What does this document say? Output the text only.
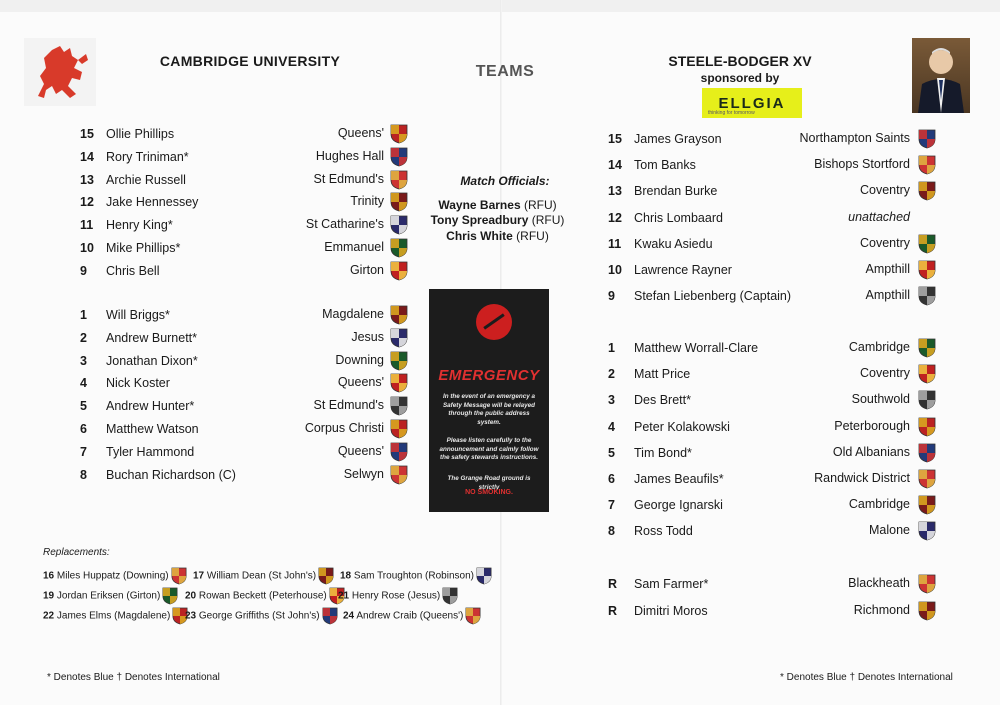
CAMBRIDGE UNIVERSITY
TEAMS
STEELE-BODGER XV
sponsored by
ELLGIA
thinking for tomorrow
15 Ollie Phillips	Queens'
14 Rory Triniman*	Hughes Hall
13 Archie Russell	St Edmund's
12 Jake Hennessey	Trinity
11	Henry King*	St Catharine's
10 Mike Phillips*	Emmanuel
9	Chris Bell	Girton
1	Will Briggs*	Magdalene
2	Andrew Burnett*	Jesus
3	Jonathan Dixon*	Downing
4	Nick Koster	Queens'
5	Andrew Hunter*	St Edmund's
6	Matthew Watson	Corpus Christi
7	Tyler Hammond	Queens'
8	Buchan Richardson (C)	Selwyn
Match Officials:
Wayne Barnes (RFU)
Tony Spreadbury (RFU)
Chris White (RFU)
EMERGENCY
In the event of an emergency a Safety Message will be relayed through the public address system.
Please listen carefully to the announcement and calmly follow the safety stewards instructions.
The Grange Road ground is strictly
NO SMOKING.
Replacements:
16 Miles Huppatz (Downing)	17 William Dean (St John's)	18 Sam Troughton (Robinson)
19 Jordan Eriksen (Girton)	20 Rowan Beckett (Peterhouse)	21 Henry Rose (Jesus)
22 James Elms (Magdalene)	23 George Griffiths (St John's)	24 Andrew Craib (Queens')
15 James Grayson	Northampton Saints
14 Tom Banks	Bishops Stortford
13 Brendan Burke	Coventry
12 Chris Lombaard	unattached
11	Kwaku Asiedu	Coventry
10 Lawrence Rayner	Ampthill
9	Stefan Liebenberg (Captain)	Ampthill
1	Matthew Worrall-Clare	Cambridge
2	Matt Price	Coventry
3	Des Brett*	Southwold
4	Peter Kolakowski	Peterborough
5	Tim Bond*	Old Albanians
6	James Beaufils*	Randwick District
7	George Ignarski	Cambridge
8	Ross Todd	Malone
R	Sam Farmer*	Blackheath
R	Dimitri Moros	Richmond
* Denotes Blue † Denotes International	* Denotes Blue † Denotes International
